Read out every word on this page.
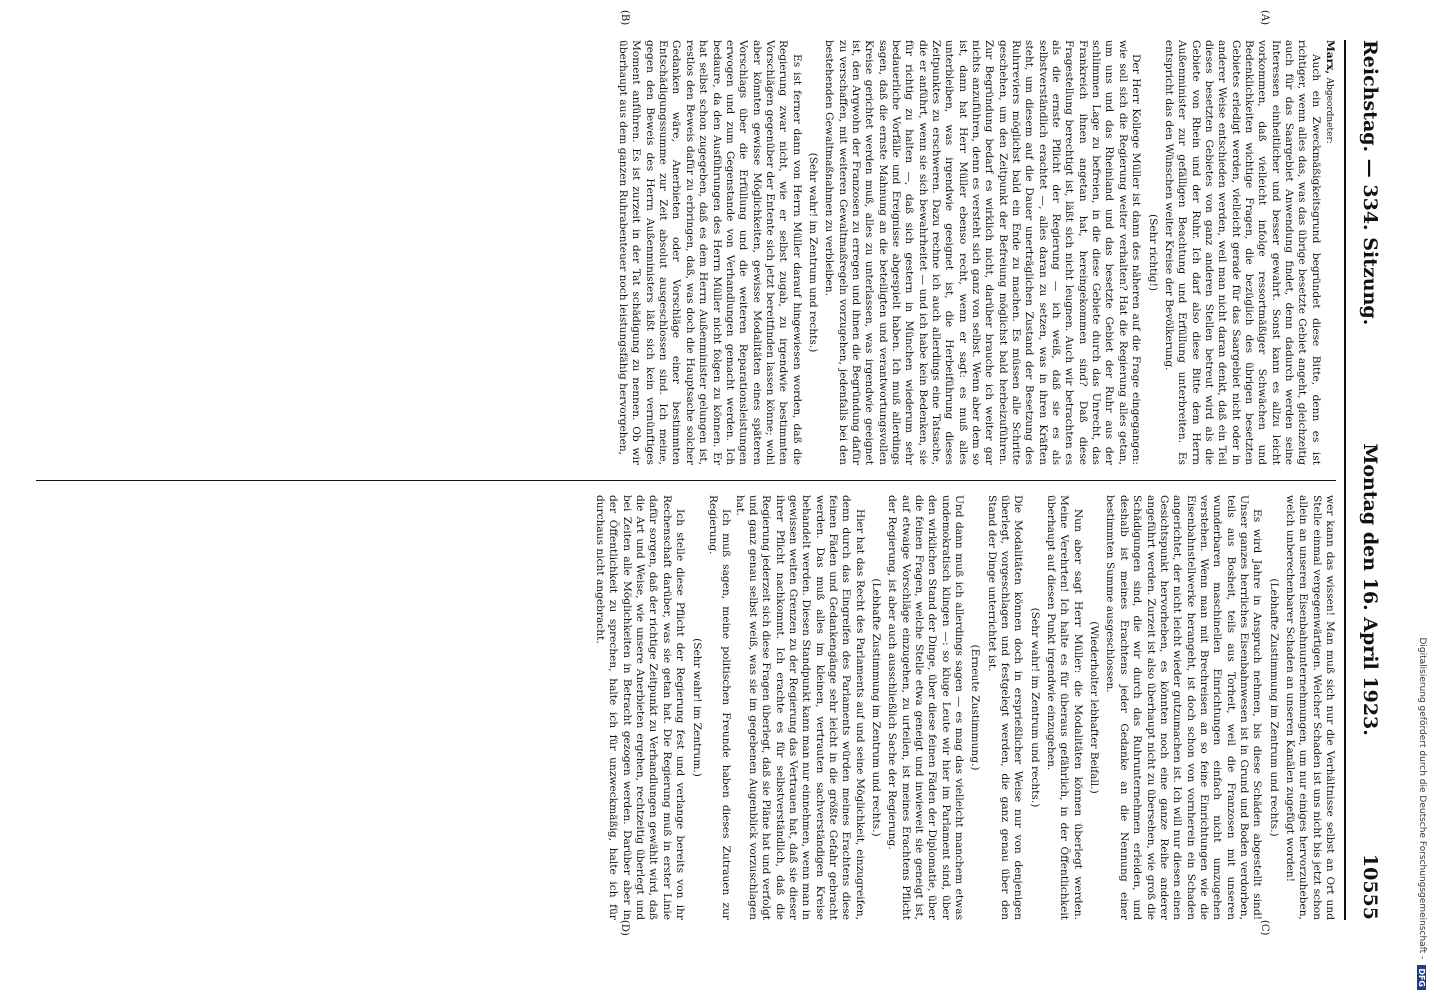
Reichstag. — 334. Sitzung.
Montag den 16. April 1923.
10555

Marx, Abgeordneter:

Auch ein Zweckmäßigkeitsgrund begründet diese Bitte, denn es ist richtiger, wenn alles das, was das übrige besetzte Gebiet angeht, gleichzeitig auch für das Saargebiet Anwendung findet, denn dadurch werden seine Interessen einheitlicher und besser gewahrt. Sonst kann es allzu leicht vorkommen, daß vielleicht infolge ressortmäßiger Schwächen und Bedenklichkeiten wichtige Fragen, die bezüglich des übrigen besetzten Gebietes erledigt werden, vielleicht gerade für das Saargebiet nicht oder in anderer Weise entschieden werden, weil man nicht daran denkt, daß ein Teil dieses besetzten Gebietes von ganz anderen Stellen betreut wird als die Gebiete von Rhein und der Ruhr. Ich darf also diese Bitte dem Herrn Außenminister zur gefälligen Beachtung und Erfüllung unterbreiten. Es entspricht das den Wünschen weiter Kreise der Bevölkerung.

(Sehr richtig!)

Der Herr Kollege Müller ist dann des näheren auf die Frage eingegangen: wie soll sich die Regierung weiter verhalten? Hat die Regierung alles getan, um uns und das Rheinland und das besetzte Gebiet der Ruhr aus der schlimmen Lage zu befreien, in die diese Gebiete durch das Unrecht, das Frankreich ihnen angetan hat, hereingekommen sind? Daß diese Fragestellung berechtigt ist, läßt sich nicht leugnen. Auch wir betrachten es als die ernste Pflicht der Regierung — ich weiß, daß sie es als selbstverständlich erachtet —, alles daran zu setzen, was in ihren Kräften steht, um diesem auf die Dauer unerträglichen Zustand der Besetzung des Ruhrreviers möglichst bald ein Ende zu machen. Es müssen alle Schritte geschehen, um den Zeitpunkt der Befreiung möglichst bald herbeizuführen. Zur Begründung bedarf es wirklich nicht, darüber brauche ich weiter gar nichts anzuführen, denn es versteht sich ganz von selbst. Wenn aber dem so ist, dann hat Herr Müller ebenso recht, wenn er sagt: es muß alles unterbleiben, was irgendwie geeignet ist, die Herbeiführung dieses Zeitpunktes zu erschweren. Dazu rechne ich auch allerdings eine Tatsache, die er anführt, wenn sie sich bewahrheitet — und ich habe kein Bedenken, sie für richtig zu halten —, daß sich gestern in München wiederum sehr bedauerliche Vorfälle und Ereignisse abgespielt haben. Ich muß allerdings sagen, daß die ernste Mahnung an die beteiligten und verantwortungsvollen Kreise gerichtet werden muß, alles zu unterlassen, was irgendwie geeignet ist, den Argwohn der Franzosen zu erregen und ihnen die Begründung dafür zu verschaffen, mit weiteren Gewaltmaßregeln vorzugehen, jedenfalls bei den bestehenden Gewaltmaßnahmen zu verbleiben.

(Sehr wahr! im Zentrum und rechts.)

Es ist ferner dann von Herrn Müller darauf hingewiesen worden, daß die Regierung zwar nicht, wie er selbst zugab, zu irgendwie bestimmten Vorschlägen gegenüber der Entente sich jetzt bereitfinden lassen könne; wohl aber könnten gewisse Möglichkeiten, gewisse Modalitäten eines späteren Vorschlags über die Erfüllung und die weiteren Reparationsleistungen erwogen und zum Gegenstande von Verhandlungen gemacht werden. Ich bedaure, da den Ausführungen des Herrn Müller nicht folgen zu können. Er hat selbst schon zugegeben, daß es dem Herrn Außenminister gelungen ist, restlos den Beweis dafür zu erbringen, daß, was doch die Hauptsache solcher Gedanken wäre, Anerbieten oder Vorschläge einer bestimmten Entschädigungssumme zur Zeit absolut ausgeschlossen sind. Ich meine, gegen den Beweis des Herrn Außenministers läßt sich kein vernünftiges Moment anführen. Es ist zurzeit in der Tat schädigung zu nennen. Ob wir überhaupt aus dem ganzen Ruhrabenteuer noch leistungsfähig hervorgehen,

wer kann das wissen! Man muß sich nur die Verhältnisse selbst an Ort und Stelle einmal vergegenwärtigen. Welcher Schaden ist uns nicht bis jetzt schon allein an unseren Eisenbahnunternehmungen, um nur einiges hervorzuheben, welch unberechenbarer Schaden an unseren Kanälen zugefügt worden!

(Lebhafte Zustimmung im Zentrum und rechts.)

Es wird Jahre in Anspruch nehmen, bis diese Schäden abgestellt sind! Unser ganzes herrliches Eisenbahnwesen ist in Grund und Boden verdorben, teils aus Bosheit, teils aus Torheit, weil die Franzosen mit unseren wunderbaren maschinellen Einrichtungen einfach nicht umzugehen verstehen. Wenn man mit Brechreisen an so feine Einrichtungen wie die Eisenbahnstellwerke herangeht, ist doch schon von vornherein ein Schaden angerichtet, der nicht leicht wieder gutzumachen ist. Ich will nur diesen einen Gesichtspunkt hervorheben, es könnten noch eine ganze Reihe anderer angeführt werden. Zurzeit ist also überhaupt nicht zu übersehen, wie groß die Schädigungen sind, die wir durch das Ruhrunternehmen erleiden, und deshalb ist meines Erachtens jeder Gedanke an die Nennung einer bestimmten Summe ausgeschlossen.

(Wiederholter lebhafter Beifall.)

Nun aber sagt Herr Müller: die Modalitäten können überlegt werden. Meine Verehrten! Ich halte es für überaus gefährlich, in der Öffentlichkeit überhaupt auf diesen Punkt irgendwie einzugehen.

(Sehr wahr! im Zentrum und rechts.)

Die Modalitäten können doch in ersprießlicher Weise nur von denjenigen überlegt, vorgeschlagen und festgelegt werden, die ganz genau über den Stand der Dinge unterrichtet ist.

(Erneute Zustimmung.)

Und dann muß ich allerdings sagen — es mag das vielleicht manchem etwas undemokratisch klingen —: so kluge Leute wir hier im Parlament sind, über den wirklichen Stand der Dinge, über diese feinen Fäden der Diplomatie, über die feinen Fragen, welche Stelle etwa geneigt und inwieweit sie geneigt ist, auf etwaige Vorschläge einzugehen, zu urteilen, ist meines Erachtens Pflicht der Regierung, ist aber auch ausschließlich Sache der Regierung.

(Lebhafte Zustimmung im Zentrum und rechts.)

Hier hat das Recht des Parlaments auf und seine Möglichkeit, einzugreifen, denn durch das Eingreifen des Parlaments würden meines Erachtens diese feinen Fäden und Gedankengänge sehr leicht in die größte Gefahr gebracht werden. Das muß alles im kleinen, vertrauten sachverständigen Kreise behandelt werden. Diesen Standpunkt kann man nur einnehmen, wenn man in gewissen weiten Grenzen zu der Regierung das Vertrauen hat, daß sie dieser ihrer Pflicht nachkommt. Ich erachte es für selbstverständlich, daß die Regierung jederzeit sich diese Fragen überlegt, daß sie Pläne hat und verfolgt und ganz genau selbst weiß, was sie im gegebenen Augenblick vorzuschlagen hat.

Ich muß sagen, meine politischen Freunde haben dieses Zutrauen zur Regierung.

(Sehr wahr! im Zentrum.)

Ich stelle diese Pflicht der Regierung fest und verlange bereits von ihr Rechenschaft darüber, was sie getan hat. Die Regierung muß in erster Linie dafür sorgen, daß der richtige Zeitpunkt zu Verhandlungen gewählt wird, daß die Art und Weise, wie unsere Anerbieten ergehen, rechtzeitig überlegt und bei Zeiten alle Möglichkeiten in Betracht gezogen werden. Darüber aber in der Öffentlichkeit zu sprechen, halte ich für unzweckmäßig, halte ich für durchaus nicht angebracht.

(A)
(B)
(C)
(D)	Digitalisierung gefördert durch die Deutsche Forschungsgemeinschaft -
DFG
